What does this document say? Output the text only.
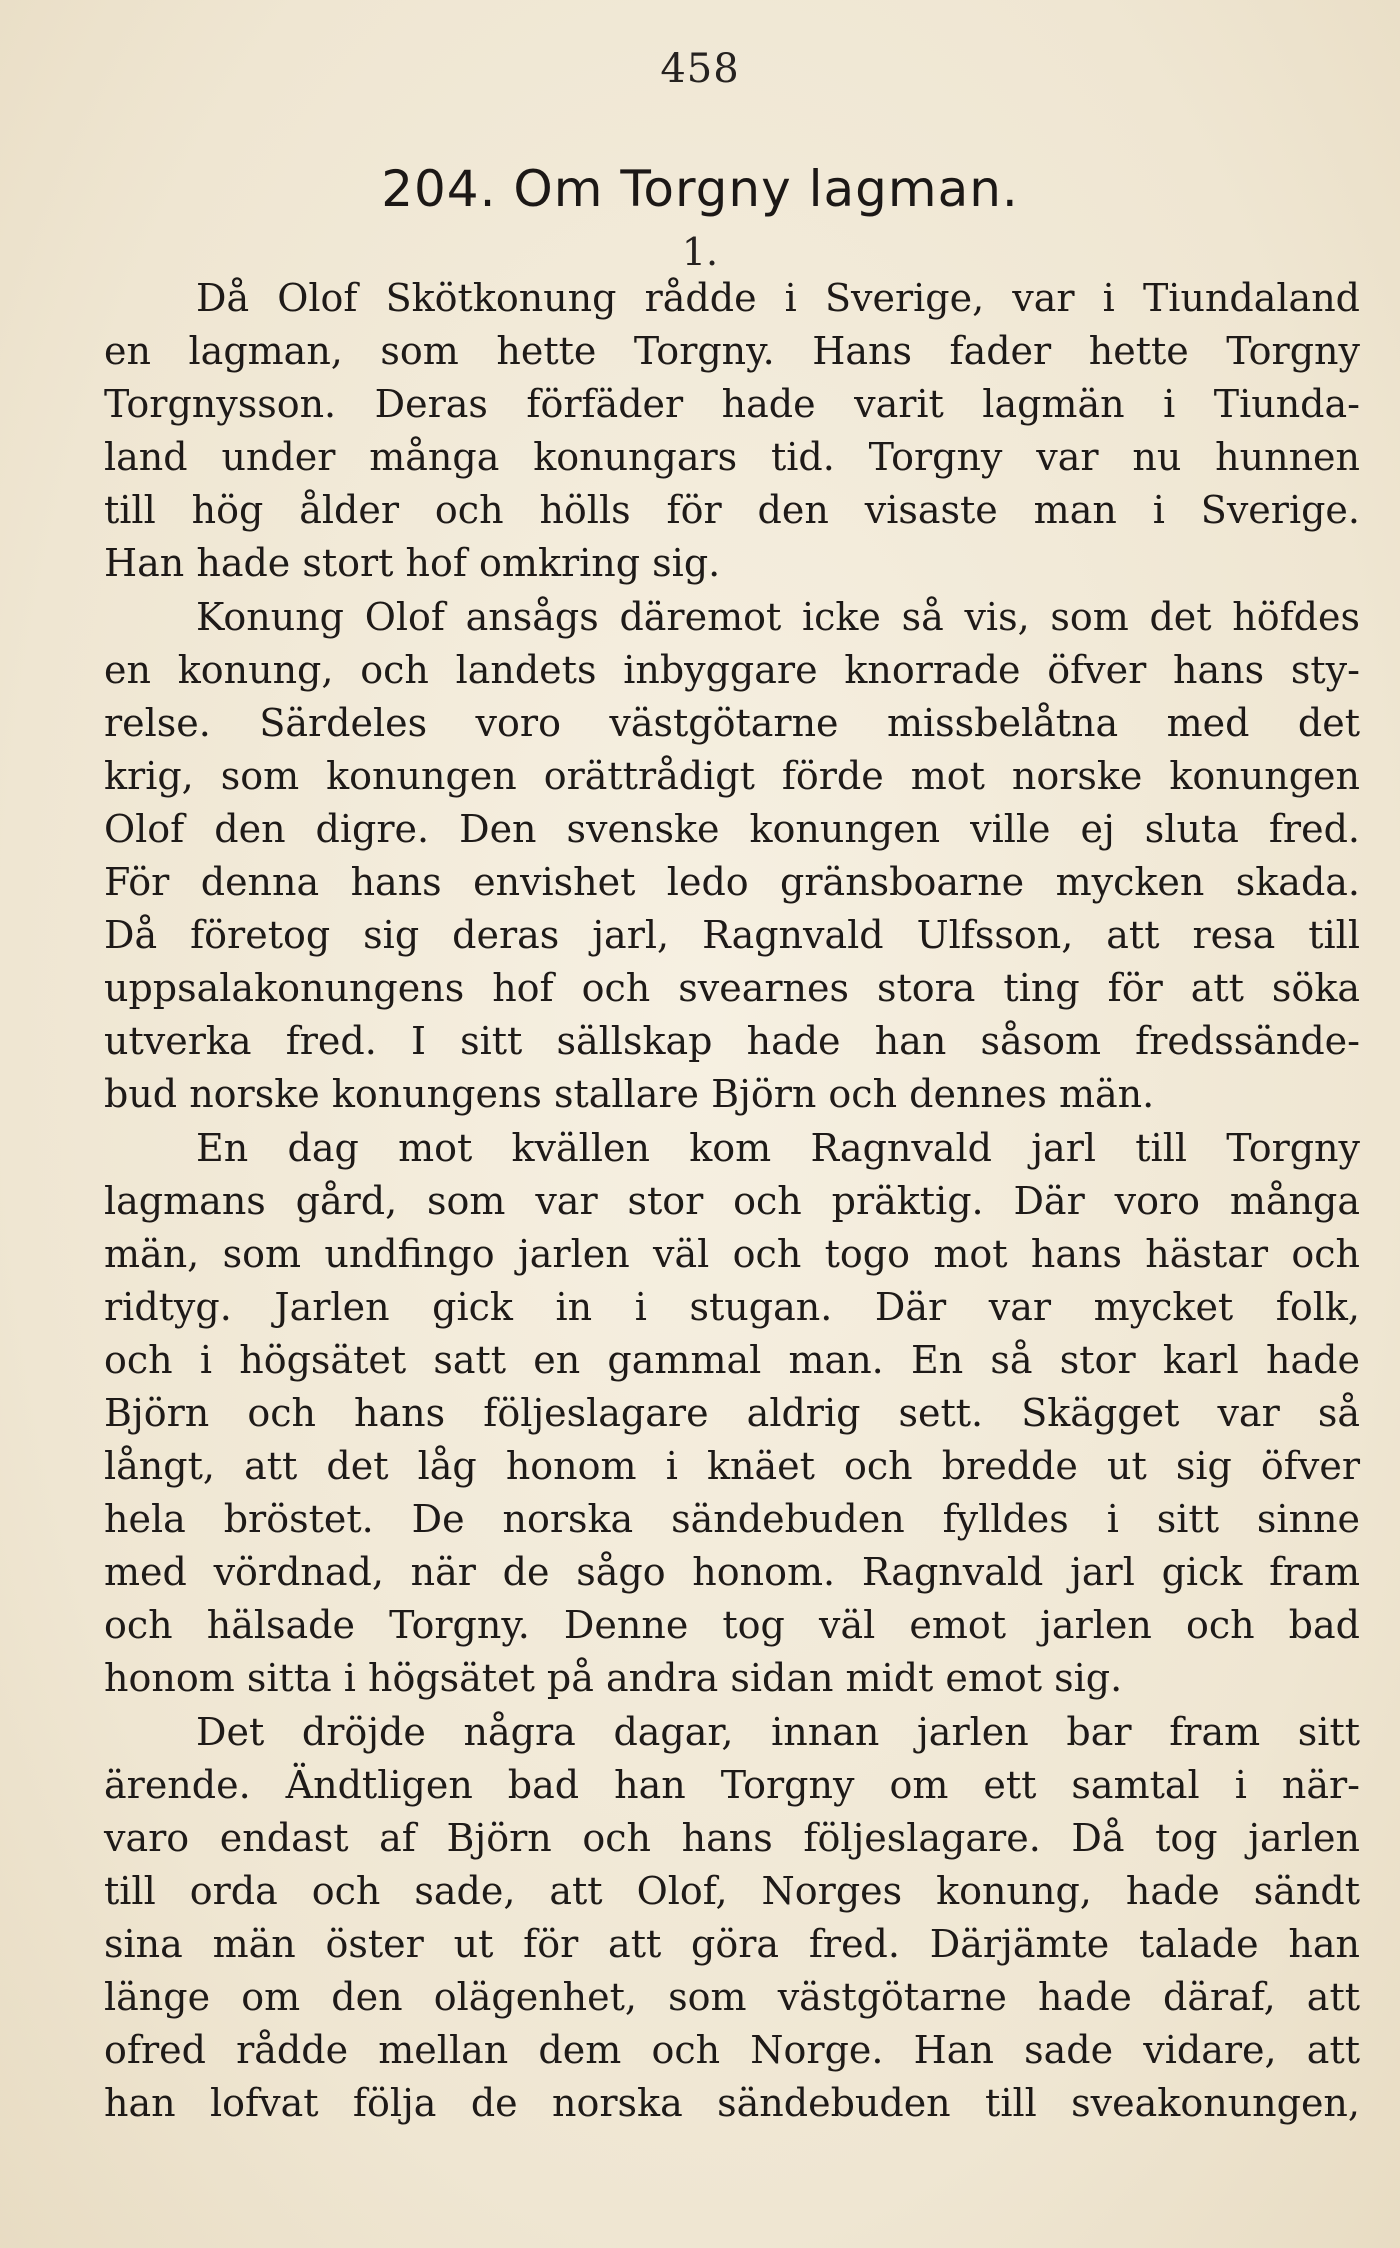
458
204. Om Torgny lagman.
1.
Då Olof Skötkonung rådde i Sverige, var i Tiundaland
en lagman, som hette Torgny. Hans fader hette Torgny
Torgnysson. Deras förfäder hade varit lagmän i Tiunda-
land under många konungars tid. Torgny var nu hunnen
till hög ålder och hölls för den visaste man i Sverige.
Han hade stort hof omkring sig.
Konung Olof ansågs däremot icke så vis, som det höfdes
en konung, och landets inbyggare knorrade öfver hans sty-
relse. Särdeles voro västgötarne missbelåtna med det
krig, som konungen orättrådigt förde mot norske konungen
Olof den digre. Den svenske konungen ville ej sluta fred.
För denna hans envishet ledo gränsboarne mycken skada.
Då företog sig deras jarl, Ragnvald Ulfsson, att resa till
uppsalakonungens hof och svearnes stora ting för att söka
utverka fred. I sitt sällskap hade han såsom fredssände-
bud norske konungens stallare Björn och dennes män.
En dag mot kvällen kom Ragnvald jarl till Torgny
lagmans gård, som var stor och präktig. Där voro många
män, som undfingo jarlen väl och togo mot hans hästar och
ridtyg. Jarlen gick in i stugan. Där var mycket folk,
och i högsätet satt en gammal man. En så stor karl hade
Björn och hans följeslagare aldrig sett. Skägget var så
långt, att det låg honom i knäet och bredde ut sig öfver
hela bröstet. De norska sändebuden fylldes i sitt sinne
med vördnad, när de sågo honom. Ragnvald jarl gick fram
och hälsade Torgny. Denne tog väl emot jarlen och bad
honom sitta i högsätet på andra sidan midt emot sig.
Det dröjde några dagar, innan jarlen bar fram sitt
ärende. Ändtligen bad han Torgny om ett samtal i när-
varo endast af Björn och hans följeslagare. Då tog jarlen
till orda och sade, att Olof, Norges konung, hade sändt
sina män öster ut för att göra fred. Därjämte talade han
länge om den olägenhet, som västgötarne hade däraf, att
ofred rådde mellan dem och Norge. Han sade vidare, att
han lofvat följa de norska sändebuden till sveakonungen,
